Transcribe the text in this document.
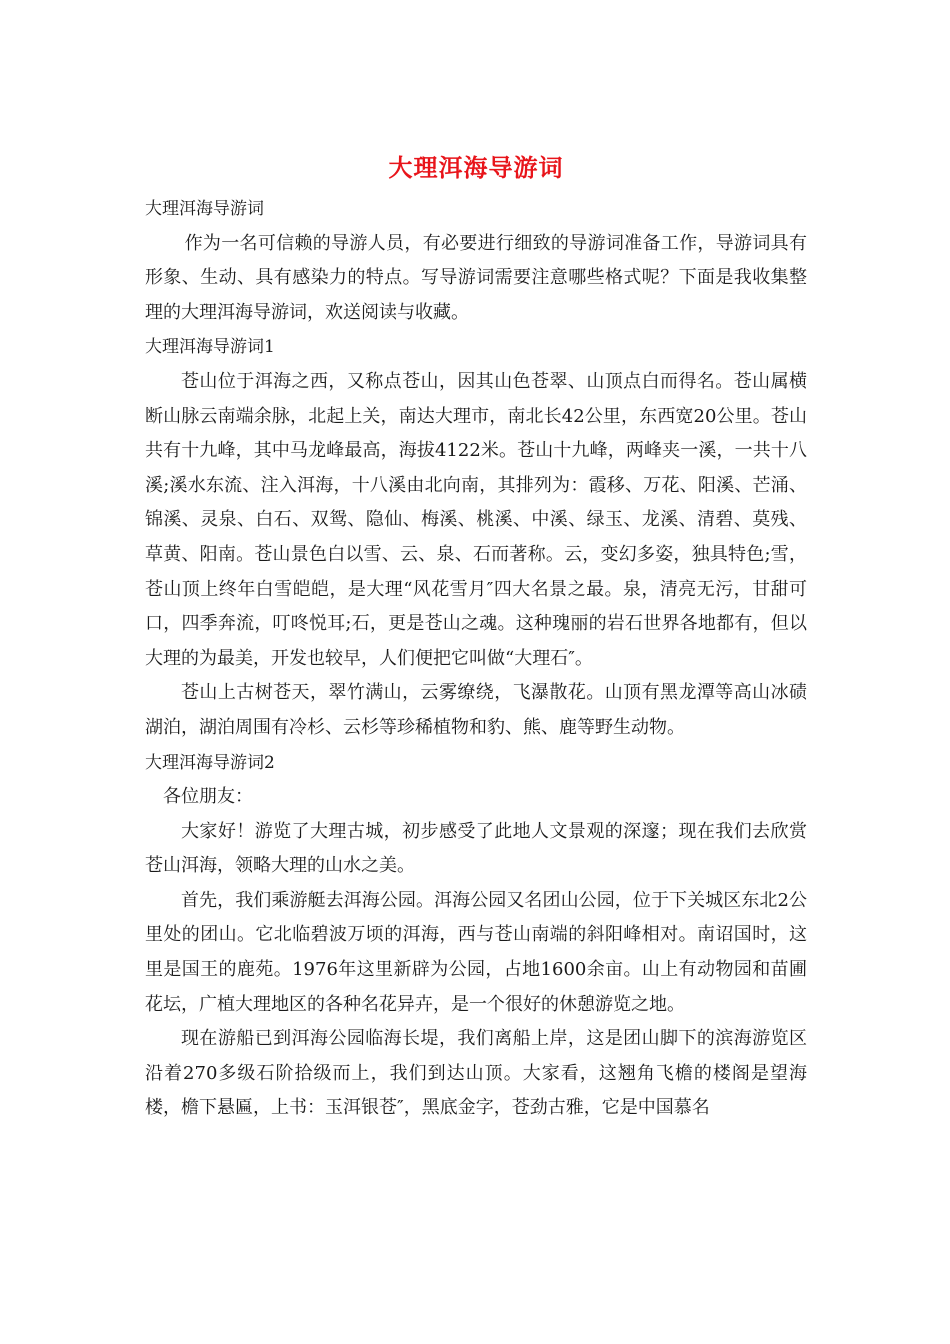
大理洱海导游词

大理洱海导游词

作为一名可信赖的导游人员，有必要进行细致的导游词准备工作，导游词具有形象、生动、具有感染力的特点。写导游词需要注意哪些格式呢？下面是我收集整理的大理洱海导游词，欢送阅读与收藏。

大理洱海导游词1

苍山位于洱海之西，又称点苍山，因其山色苍翠、山顶点白而得名。苍山属横断山脉云南端余脉，北起上关，南达大理市，南北长42公里，东西宽20公里。苍山共有十九峰，其中马龙峰最高，海拔4122米。苍山十九峰，两峰夹一溪，一共十八溪;溪水东流、注入洱海，十八溪由北向南，其排列为：霞移、万花、阳溪、芒涌、锦溪、灵泉、白石、双鸳、隐仙、梅溪、桃溪、中溪、绿玉、龙溪、清碧、莫残、草黄、阳南。苍山景色白以雪、云、泉、石而著称。云，变幻多姿，独具特色;雪，苍山顶上终年白雪皑皑，是大理“风花雪月″四大名景之最。泉，清亮无污，甘甜可口，四季奔流，叮咚悦耳;石，更是苍山之魂。这种瑰丽的岩石世界各地都有，但以大理的为最美，开发也较早，人们便把它叫做“大理石″。

苍山上古树苍天，翠竹满山，云雾缭绕，飞瀑散花。山顶有黑龙潭等高山冰碛湖泊，湖泊周围有冷杉、云杉等珍稀植物和豹、熊、鹿等野生动物。

大理洱海导游词2

各位朋友：

大家好！游览了大理古城，初步感受了此地人文景观的深邃；现在我们去欣赏苍山洱海，领略大理的山水之美。

首先，我们乘游艇去洱海公园。洱海公园又名团山公园，位于下关城区东北2公里处的团山。它北临碧波万顷的洱海，西与苍山南端的斜阳峰相对。南诏国时，这里是国王的鹿苑。1976年这里新辟为公园，占地1600余亩。山上有动物园和苗圃花坛，广植大理地区的各种名花异卉，是一个很好的休憩游览之地。

现在游船已到洱海公园临海长堤，我们离船上岸，这是团山脚下的滨海游览区沿着270多级石阶拾级而上，我们到达山顶。大家看，这翘角飞檐的楼阁是望海楼，檐下悬匾，上书：玉洱银苍″，黑底金字，苍劲古雅，它是中国慕名
